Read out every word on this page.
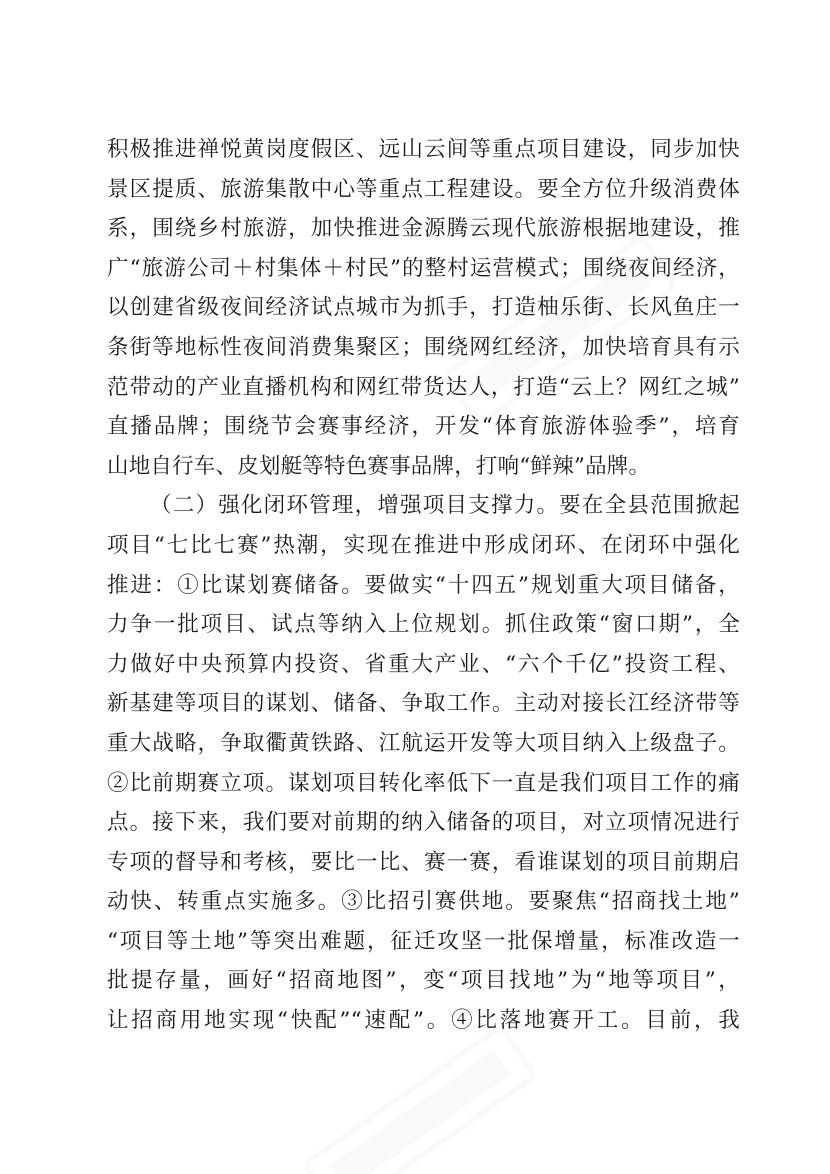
积极推进禅悦黄岗度假区、远山云间等重点项目建设，同步加快
景区提质、旅游集散中心等重点工程建设。要全方位升级消费体
系，围绕乡村旅游，加快推进金源腾云现代旅游根据地建设，推
广“旅游公司＋村集体＋村民”的整村运营模式；围绕夜间经济，
以创建省级夜间经济试点城市为抓手，打造柚乐街、长风鱼庄一
条街等地标性夜间消费集聚区；围绕网红经济，加快培育具有示
范带动的产业直播机构和网红带货达人，打造“云上？网红之城”
直播品牌；围绕节会赛事经济，开发“体育旅游体验季”，培育
山地自行车、皮划艇等特色赛事品牌，打响“鲜辣”品牌。
（二）强化闭环管理，增强项目支撑力。要在全县范围掀起
项目“七比七赛”热潮，实现在推进中形成闭环、在闭环中强化
推进：①比谋划赛储备。要做实“十四五”规划重大项目储备，
力争一批项目、试点等纳入上位规划。抓住政策“窗口期”，全
力做好中央预算内投资、省重大产业、“六个千亿”投资工程、
新基建等项目的谋划、储备、争取工作。主动对接长江经济带等
重大战略，争取衢黄铁路、江航运开发等大项目纳入上级盘子。
②比前期赛立项。谋划项目转化率低下一直是我们项目工作的痛
点。接下来，我们要对前期的纳入储备的项目，对立项情况进行
专项的督导和考核，要比一比、赛一赛，看谁谋划的项目前期启
动快、转重点实施多。③比招引赛供地。要聚焦“招商找土地”
“项目等土地”等突出难题，征迁攻坚一批保增量，标准改造一
批提存量，画好“招商地图”，变“项目找地”为“地等项目”，
让招商用地实现“快配”“速配”。④比落地赛开工。目前，我
